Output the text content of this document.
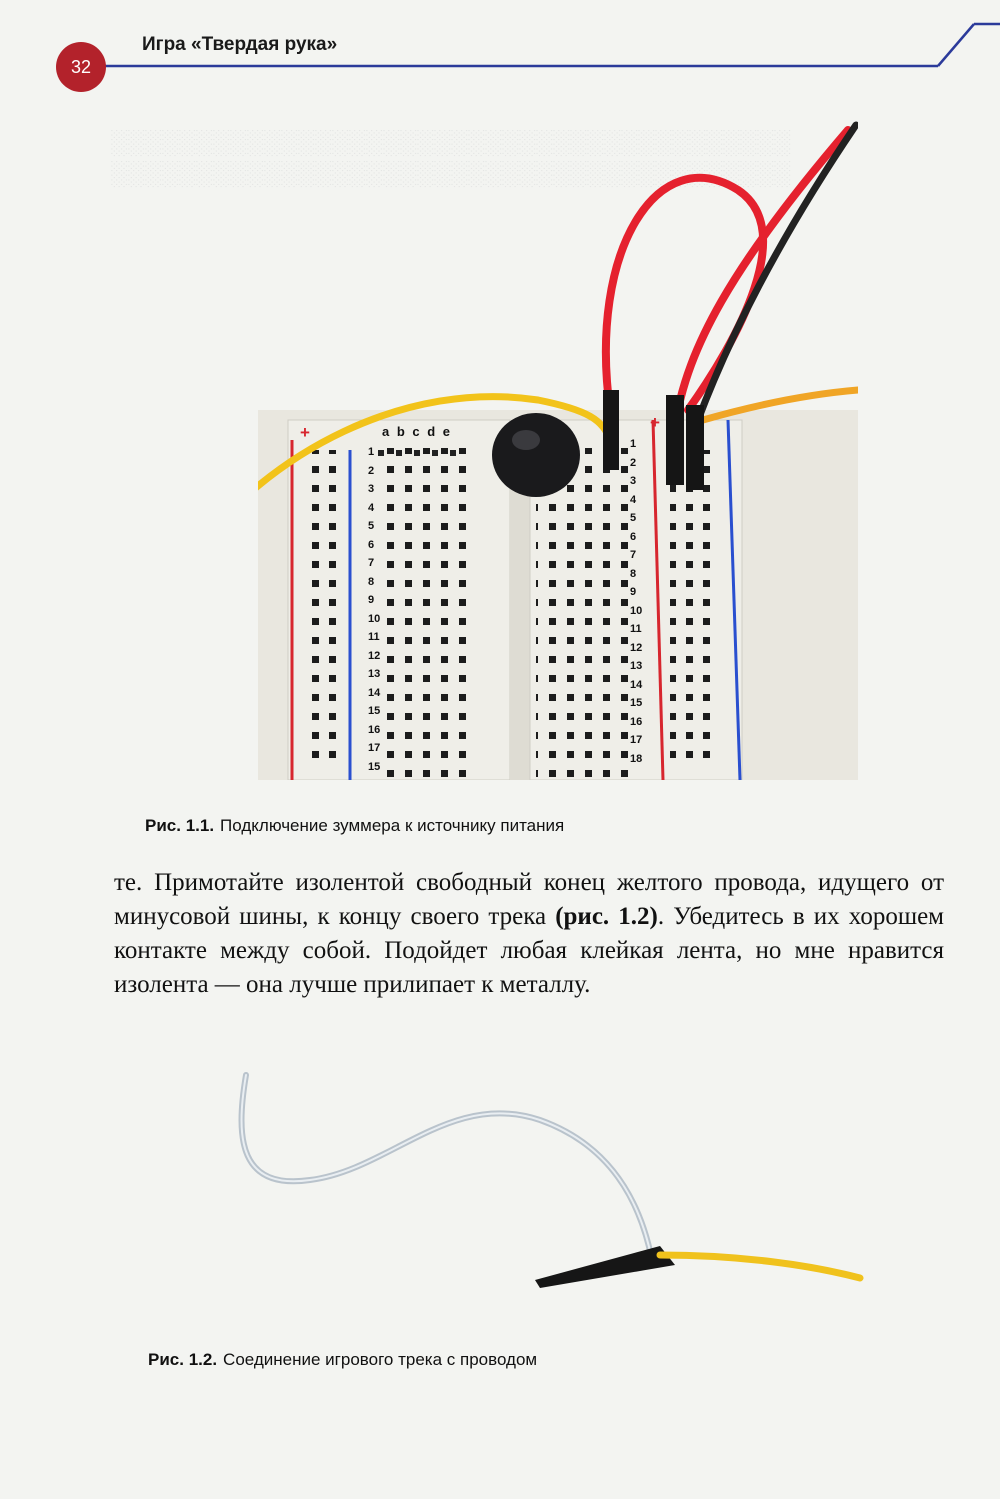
░░░░░░░░░░░░░░░░░░░░░░░░░░░░░░░░░░░░░░░░
░░░░░░░░░░░░░░░░░░░░░░░░░░░░░░░░░░░░░░░░
32
Игра «Твердая рука»
+	a b c d e	+
Рис. 1.1. Подключение зуммера к источнику питания
те. Примотайте изолентой свободный конец желтого провода, идущего от минусовой шины, к концу своего трека (рис. 1.2). Убедитесь в их хорошем контакте между собой. Подойдет любая клейкая лента, но мне нравится изолента — она лучше прилипает к металлу.
Рис. 1.2. Соединение игрового трека с проводом
1
2
3
4
5
6
7
8
9
10
11
12
13
14
15
16
17
15
1
2
3
4
5
6
7
8
9
10
11
12
13
14
15
16
17
18
